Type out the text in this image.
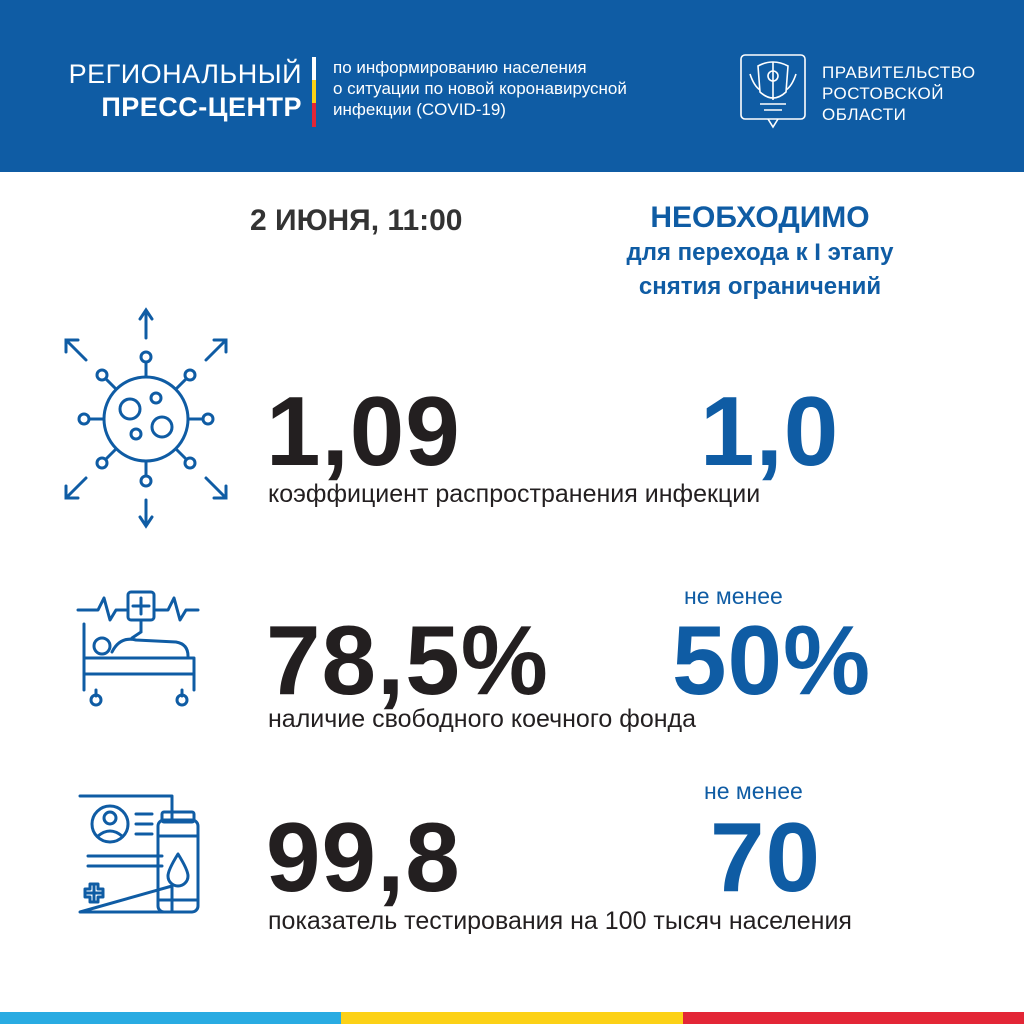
РЕГИОНАЛЬНЫЙ
ПРЕСС-ЦЕНТР
по информированию населения
о ситуации по новой коронавирусной
инфекции (COVID-19)
ПРАВИТЕЛЬСТВО
РОСТОВСКОЙ
ОБЛАСТИ
2 ИЮНЯ, 11:00	НЕОБХОДИМО
для перехода к I этапу
снятия ограничений
1,09 1,0
коэффициент распространения инфекции
не менее
78,5% 50%
наличие свободного коечного фонда
не менее
99,8	70
показатель тестирования на 100 тысяч населения
